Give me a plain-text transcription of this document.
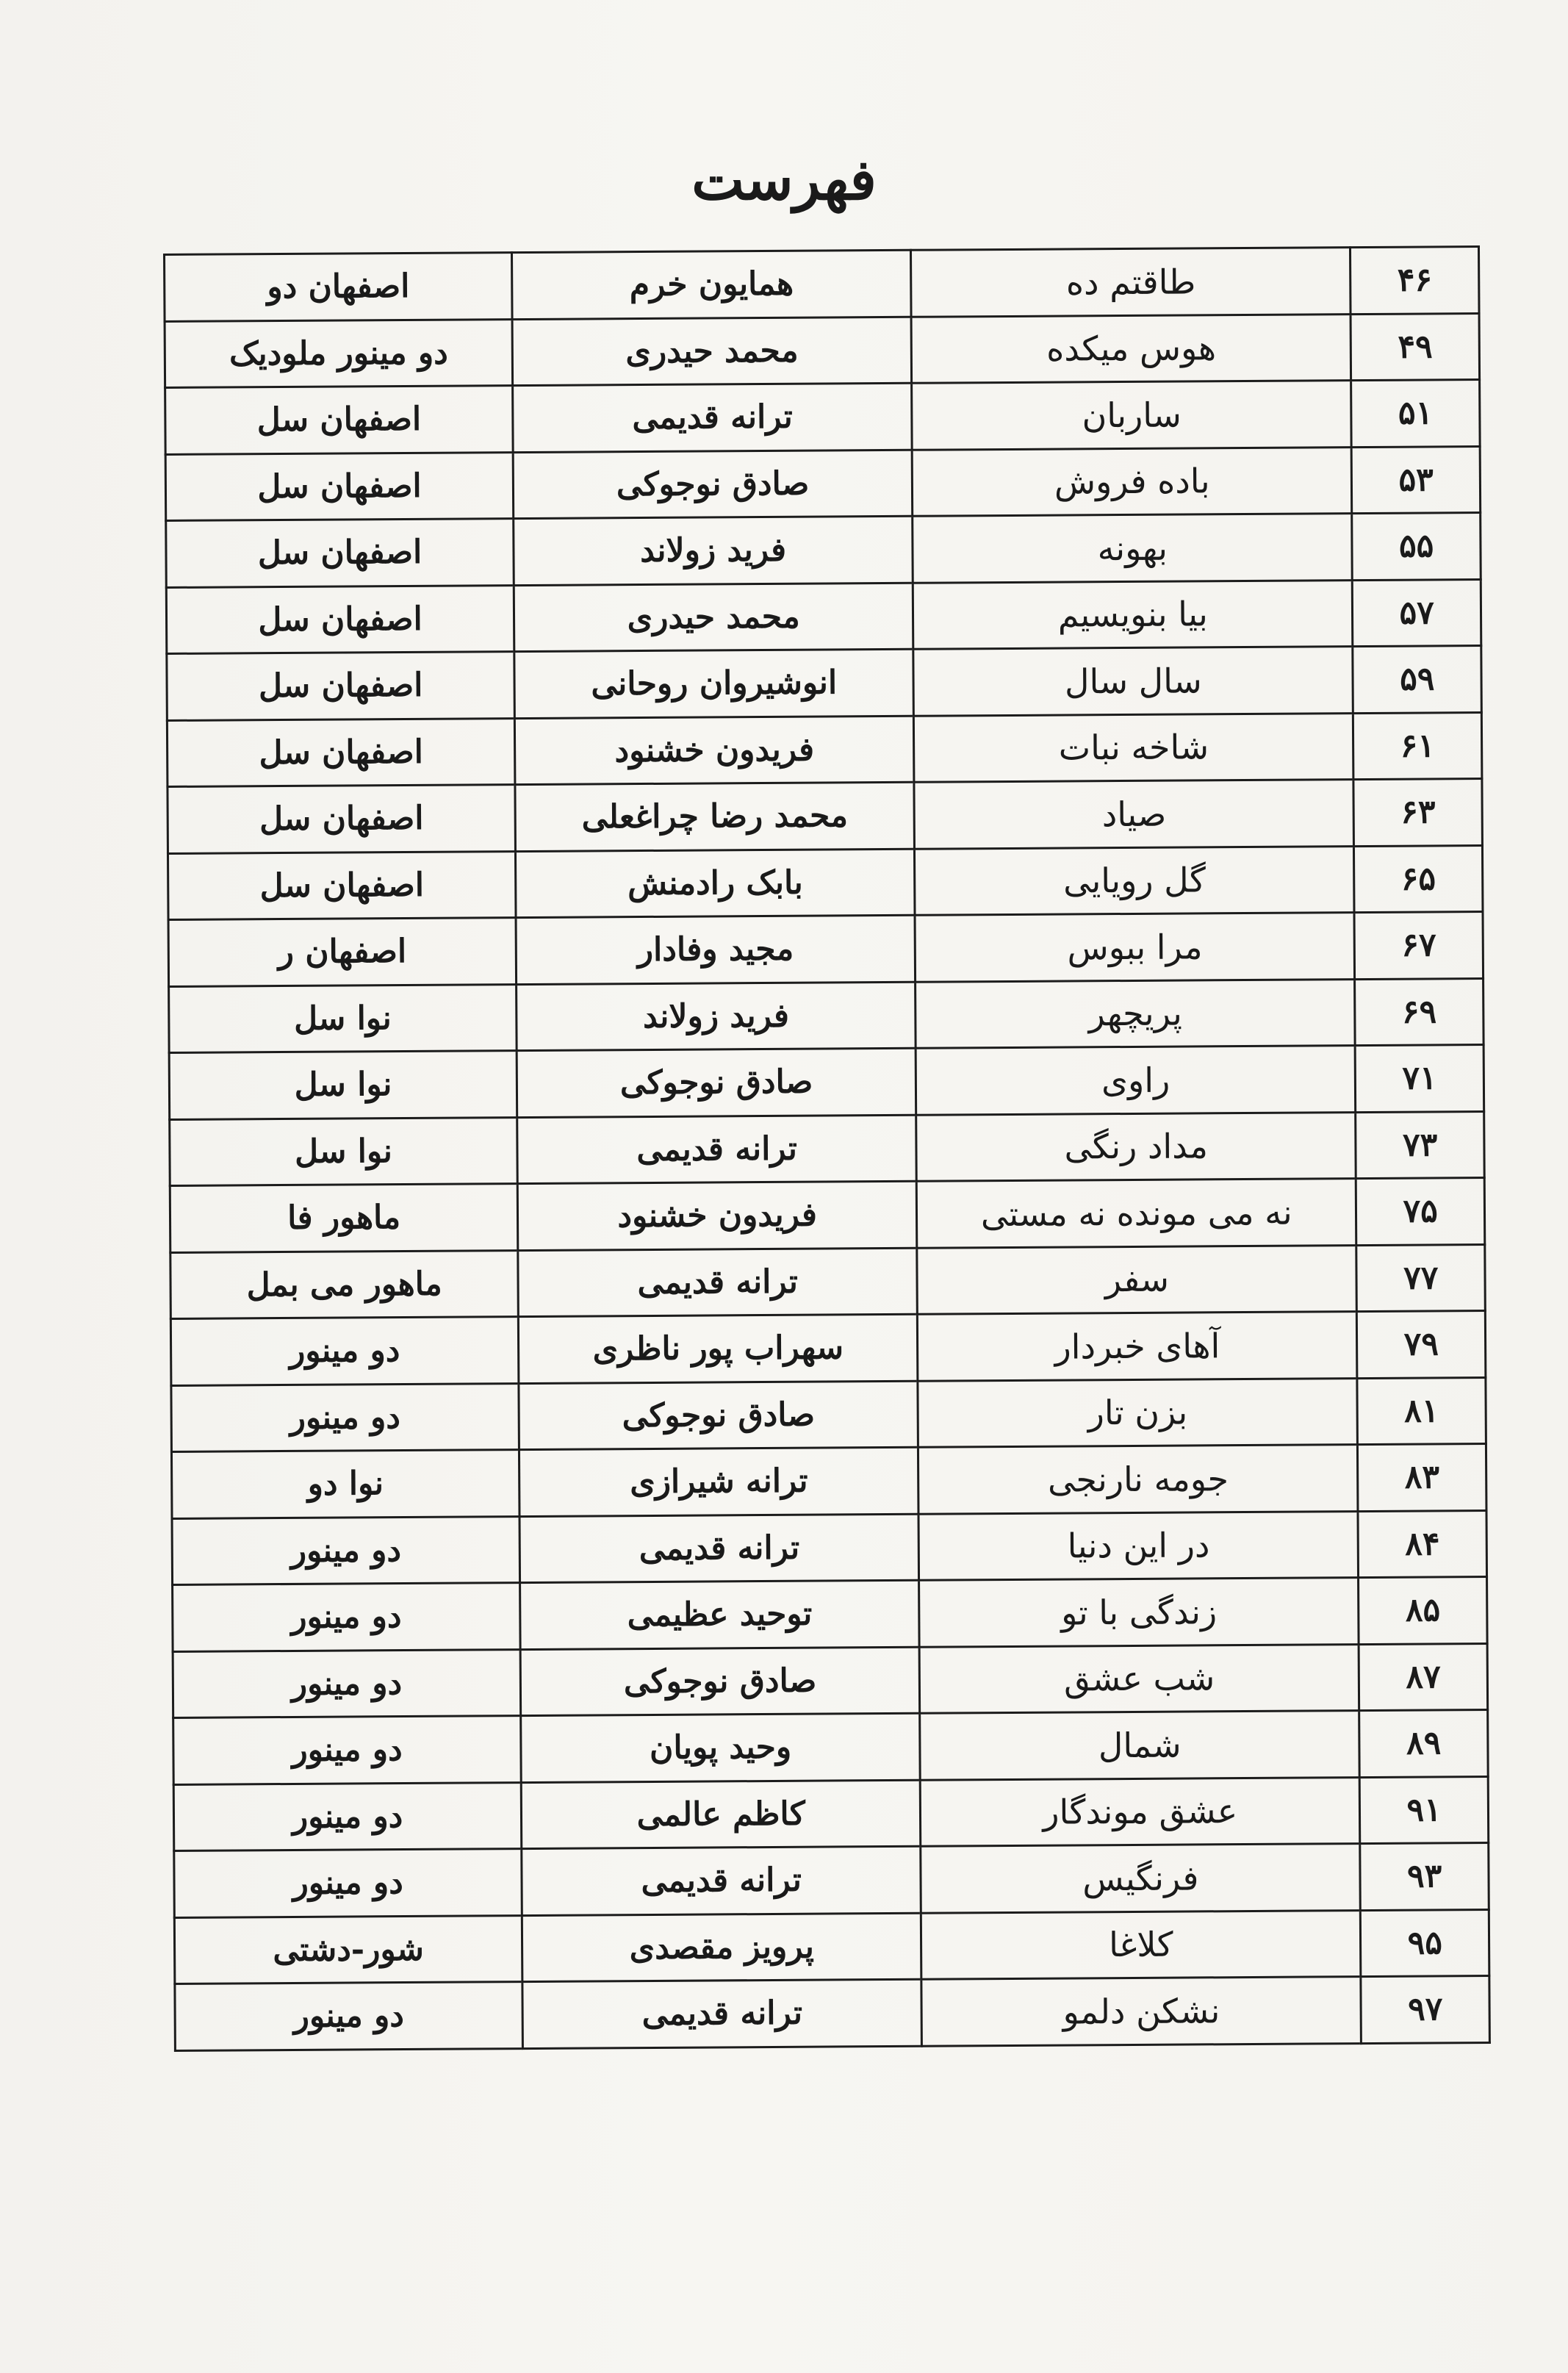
فهرست
۴۶	طاقتم ده	همایون خرم	اصفهان دو
۴۹	هوس میکده	محمد حیدری	دو مینور ملودیک
۵۱	ساربان	ترانه قدیمی	اصفهان سل
۵۳	باده فروش	صادق نوجوکی	اصفهان سل
۵۵	بهونه	فرید زولاند	اصفهان سل
۵۷	بیا بنویسیم	محمد حیدری	اصفهان سل
۵۹	سال سال	انوشیروان روحانی	اصفهان سل
۶۱	شاخه نبات	فریدون خشنود	اصفهان سل
۶۳	صیاد	محمد رضا چراغعلی	اصفهان سل
۶۵	گل رویایی	بابک رادمنش	اصفهان سل
۶۷	مرا ببوس	مجید وفادار	اصفهان ر
۶۹	پریچهر	فرید زولاند	نوا سل
۷۱	راوی	صادق نوجوکی	نوا سل
۷۳	مداد رنگی	ترانه قدیمی	نوا سل
۷۵	نه می مونده نه مستی	فریدون خشنود	ماهور فا
۷۷	سفر	ترانه قدیمی	ماهور می بمل
۷۹	آهای خبردار	سهراب پور ناظری	دو مینور
۸۱	بزن تار	صادق نوجوکی	دو مینور
۸۳	جومه نارنجی	ترانه شیرازی	نوا دو
۸۴	در این دنیا	ترانه قدیمی	دو مینور
۸۵	زندگی با تو	توحید عظیمی	دو مینور
۸۷	شب عشق	صادق نوجوکی	دو مینور
۸۹	شمال	وحید پویان	دو مینور
۹۱	عشق موندگار	کاظم عالمی	دو مینور
۹۳	فرنگیس	ترانه قدیمی	دو مینور
۹۵	کلاغا	پرویز مقصدی	شور-دشتی
۹۷	نشکن دلمو	ترانه قدیمی	دو مینور
